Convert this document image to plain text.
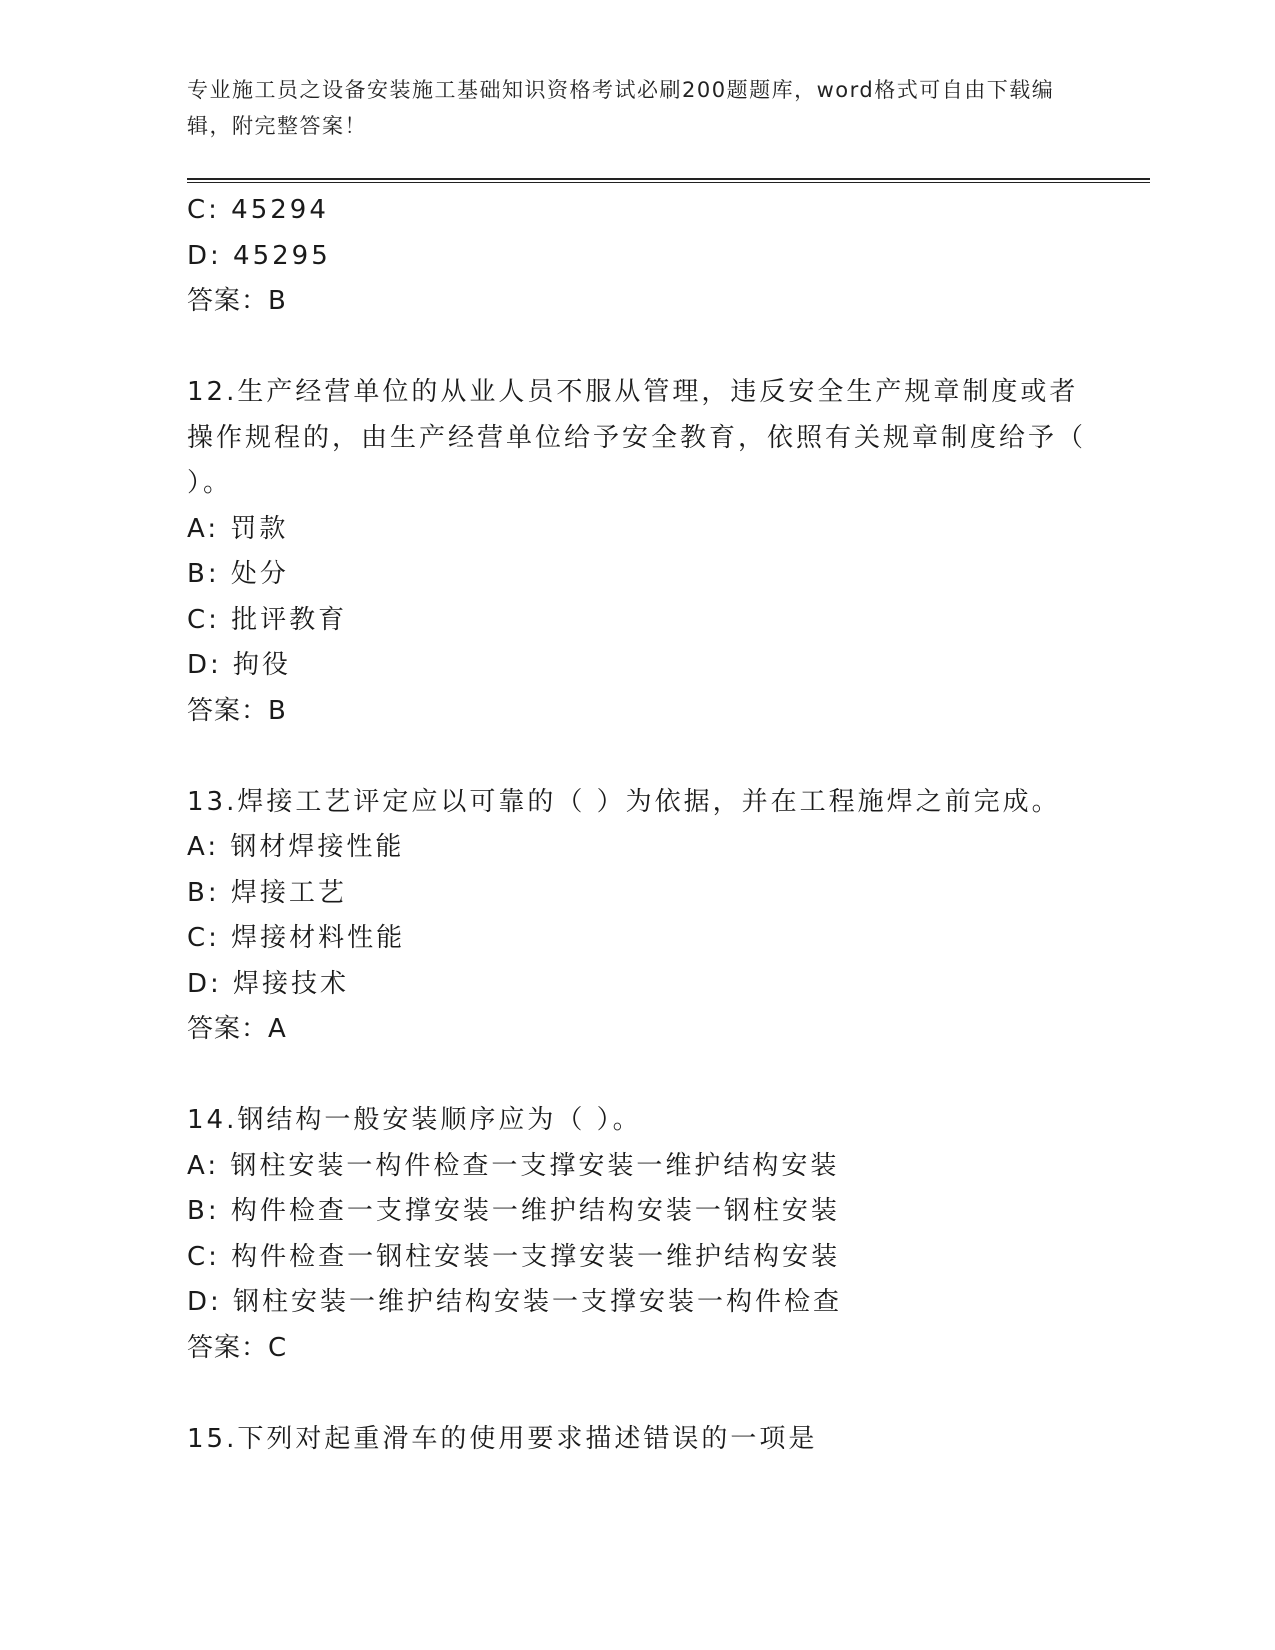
专业施工员之设备安装施工基础知识资格考试必刷200题题库，word格式可自由下载编辑，附完整答案！
C: 45294
D: 45295
答案：B
12.生产经营单位的从业人员不服从管理，违反安全生产规章制度或者操作规程的，由生产经营单位给予安全教育，依照有关规章制度给予（ ）。
A: 罚款
B: 处分
C: 批评教育
D: 拘役
答案：B
13.焊接工艺评定应以可靠的（ ）为依据，并在工程施焊之前完成。
A: 钢材焊接性能
B: 焊接工艺
C: 焊接材料性能
D: 焊接技术
答案：A
14.钢结构一般安装顺序应为（ ）。
A: 钢柱安装一构件检查一支撑安装一维护结构安装
B: 构件检查一支撑安装一维护结构安装一钢柱安装
C: 构件检查一钢柱安装一支撑安装一维护结构安装
D: 钢柱安装一维护结构安装一支撑安装一构件检查
答案：C
15.下列对起重滑车的使用要求描述错误的一项是
